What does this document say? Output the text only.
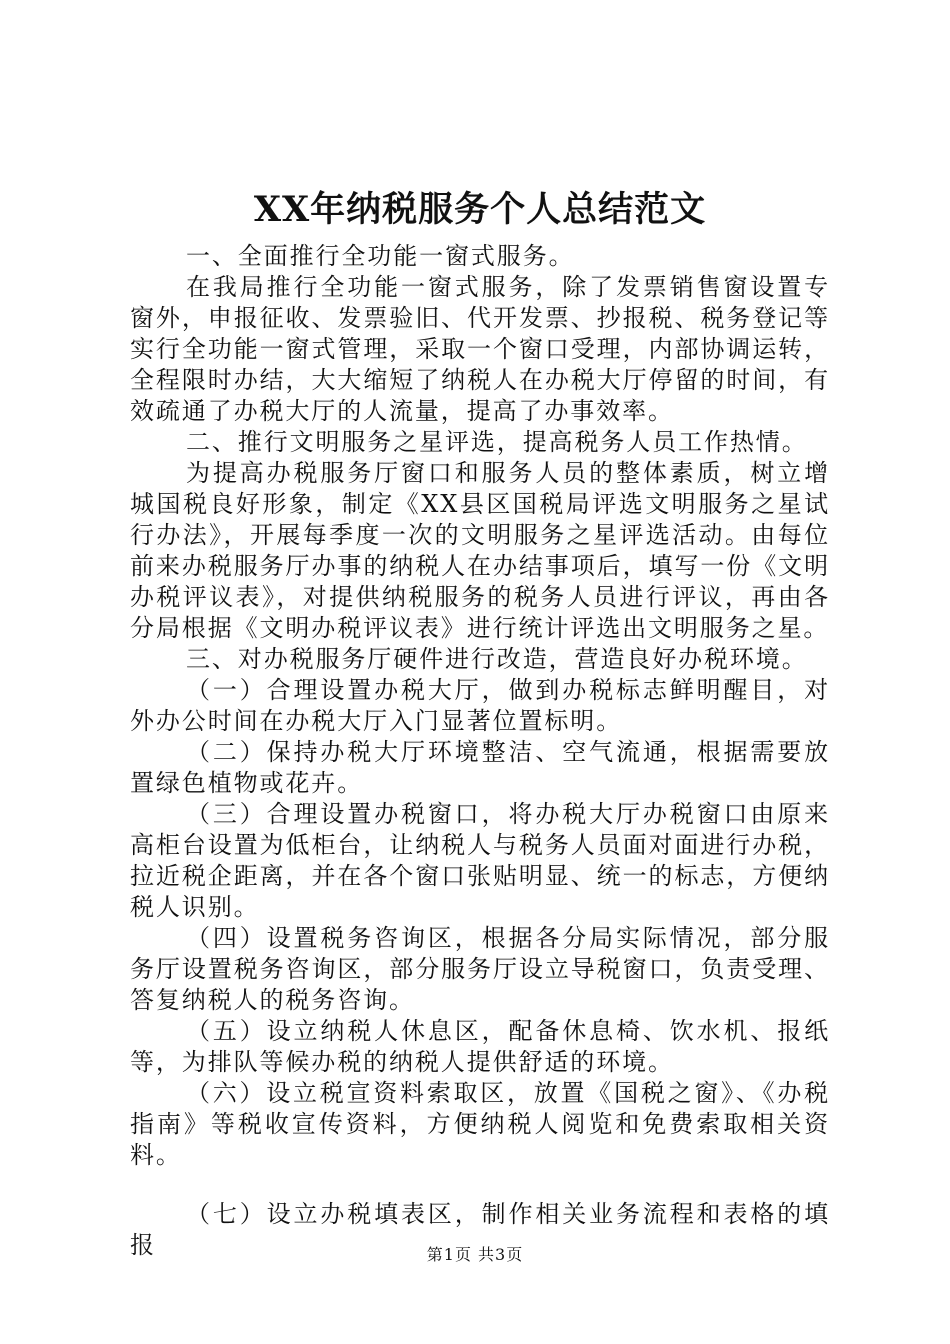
XX年纳税服务个人总结范文

一、全面推行全功能一窗式服务。

在我局推行全功能一窗式服务，除了发票销售窗设置专窗外，申报征收、发票验旧、代开发票、抄报税、税务登记等实行全功能一窗式管理，采取一个窗口受理，内部协调运转，全程限时办结，大大缩短了纳税人在办税大厅停留的时间，有效疏通了办税大厅的人流量，提高了办事效率。

二、推行文明服务之星评选，提高税务人员工作热情。

为提高办税服务厅窗口和服务人员的整体素质，树立增城国税良好形象，制定《XX县区国税局评选文明服务之星试行办法》，开展每季度一次的文明服务之星评选活动。由每位前来办税服务厅办事的纳税人在办结事项后，填写一份《文明办税评议表》，对提供纳税服务的税务人员进行评议，再由各分局根据《文明办税评议表》进行统计评选出文明服务之星。

三、对办税服务厅硬件进行改造，营造良好办税环境。

（一）合理设置办税大厅，做到办税标志鲜明醒目，对外办公时间在办税大厅入门显著位置标明。

（二）保持办税大厅环境整洁、空气流通，根据需要放置绿色植物或花卉。

（三）合理设置办税窗口，将办税大厅办税窗口由原来高柜台设置为低柜台，让纳税人与税务人员面对面进行办税，拉近税企距离，并在各个窗口张贴明显、统一的标志，方便纳税人识别。

（四）设置税务咨询区，根据各分局实际情况，部分服务厅设置税务咨询区，部分服务厅设立导税窗口，负责受理、答复纳税人的税务咨询。

（五）设立纳税人休息区，配备休息椅、饮水机、报纸等，为排队等候办税的纳税人提供舒适的环境。

（六）设立税宣资料索取区，放置《国税之窗》、《办税指南》等税收宣传资料，方便纳税人阅览和免费索取相关资料。

（七）设立办税填表区，制作相关业务流程和表格的填报	第1页 共3页
